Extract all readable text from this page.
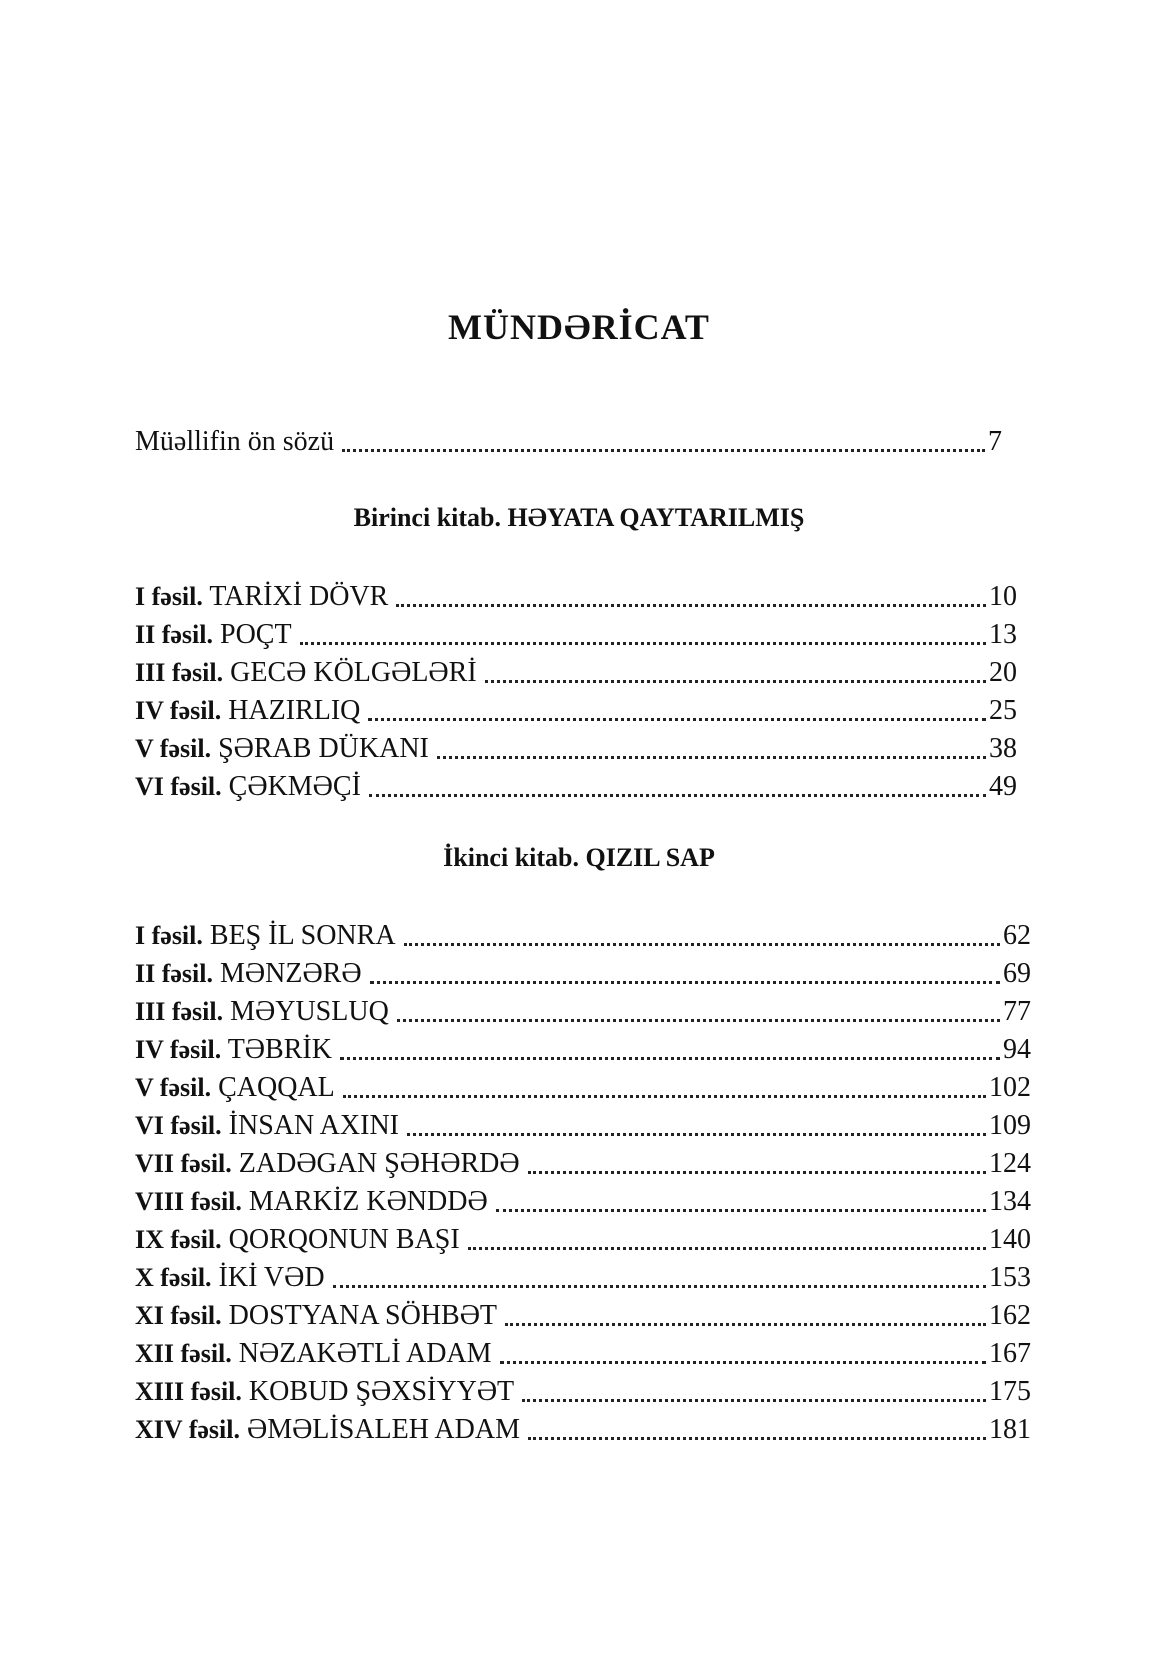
MÜNDƏRİCAT
Müəllifin ön sözü	7
Birinci kitab. HƏYATA QAYTARILMIŞ
I fəsil. TARİXİ DÖVR	10
II fəsil. POÇT	13
III fəsil. GECƏ KÖLGƏLƏRİ	20
IV fəsil. HAZIRLIQ	25
V fəsil. ŞƏRAB DÜKANI	38
VI fəsil. ÇƏKMƏÇİ	49
İkinci kitab. QIZIL SAP
I fəsil. BEŞ İL SONRA	62
II fəsil. MƏNZƏRƏ	69
III fəsil. MƏYUSLUQ	77
IV fəsil. TƏBRİK	94
V fəsil. ÇAQQAL	102
VI fəsil. İNSAN AXINI	109
VII fəsil. ZADƏGAN ŞƏHƏRDƏ	124
VIII fəsil. MARKİZ KƏNDDƏ	134
IX fəsil. QORQONUN BAŞI	140
X fəsil. İKİ VƏD	153
XI fəsil. DOSTYANA SÖHBƏT	162
XII fəsil. NƏZAKƏTLİ ADAM	167
XIII fəsil. KOBUD ŞƏXSİYYƏT	175
XIV fəsil. ƏMƏLİSALEH ADAM	181
